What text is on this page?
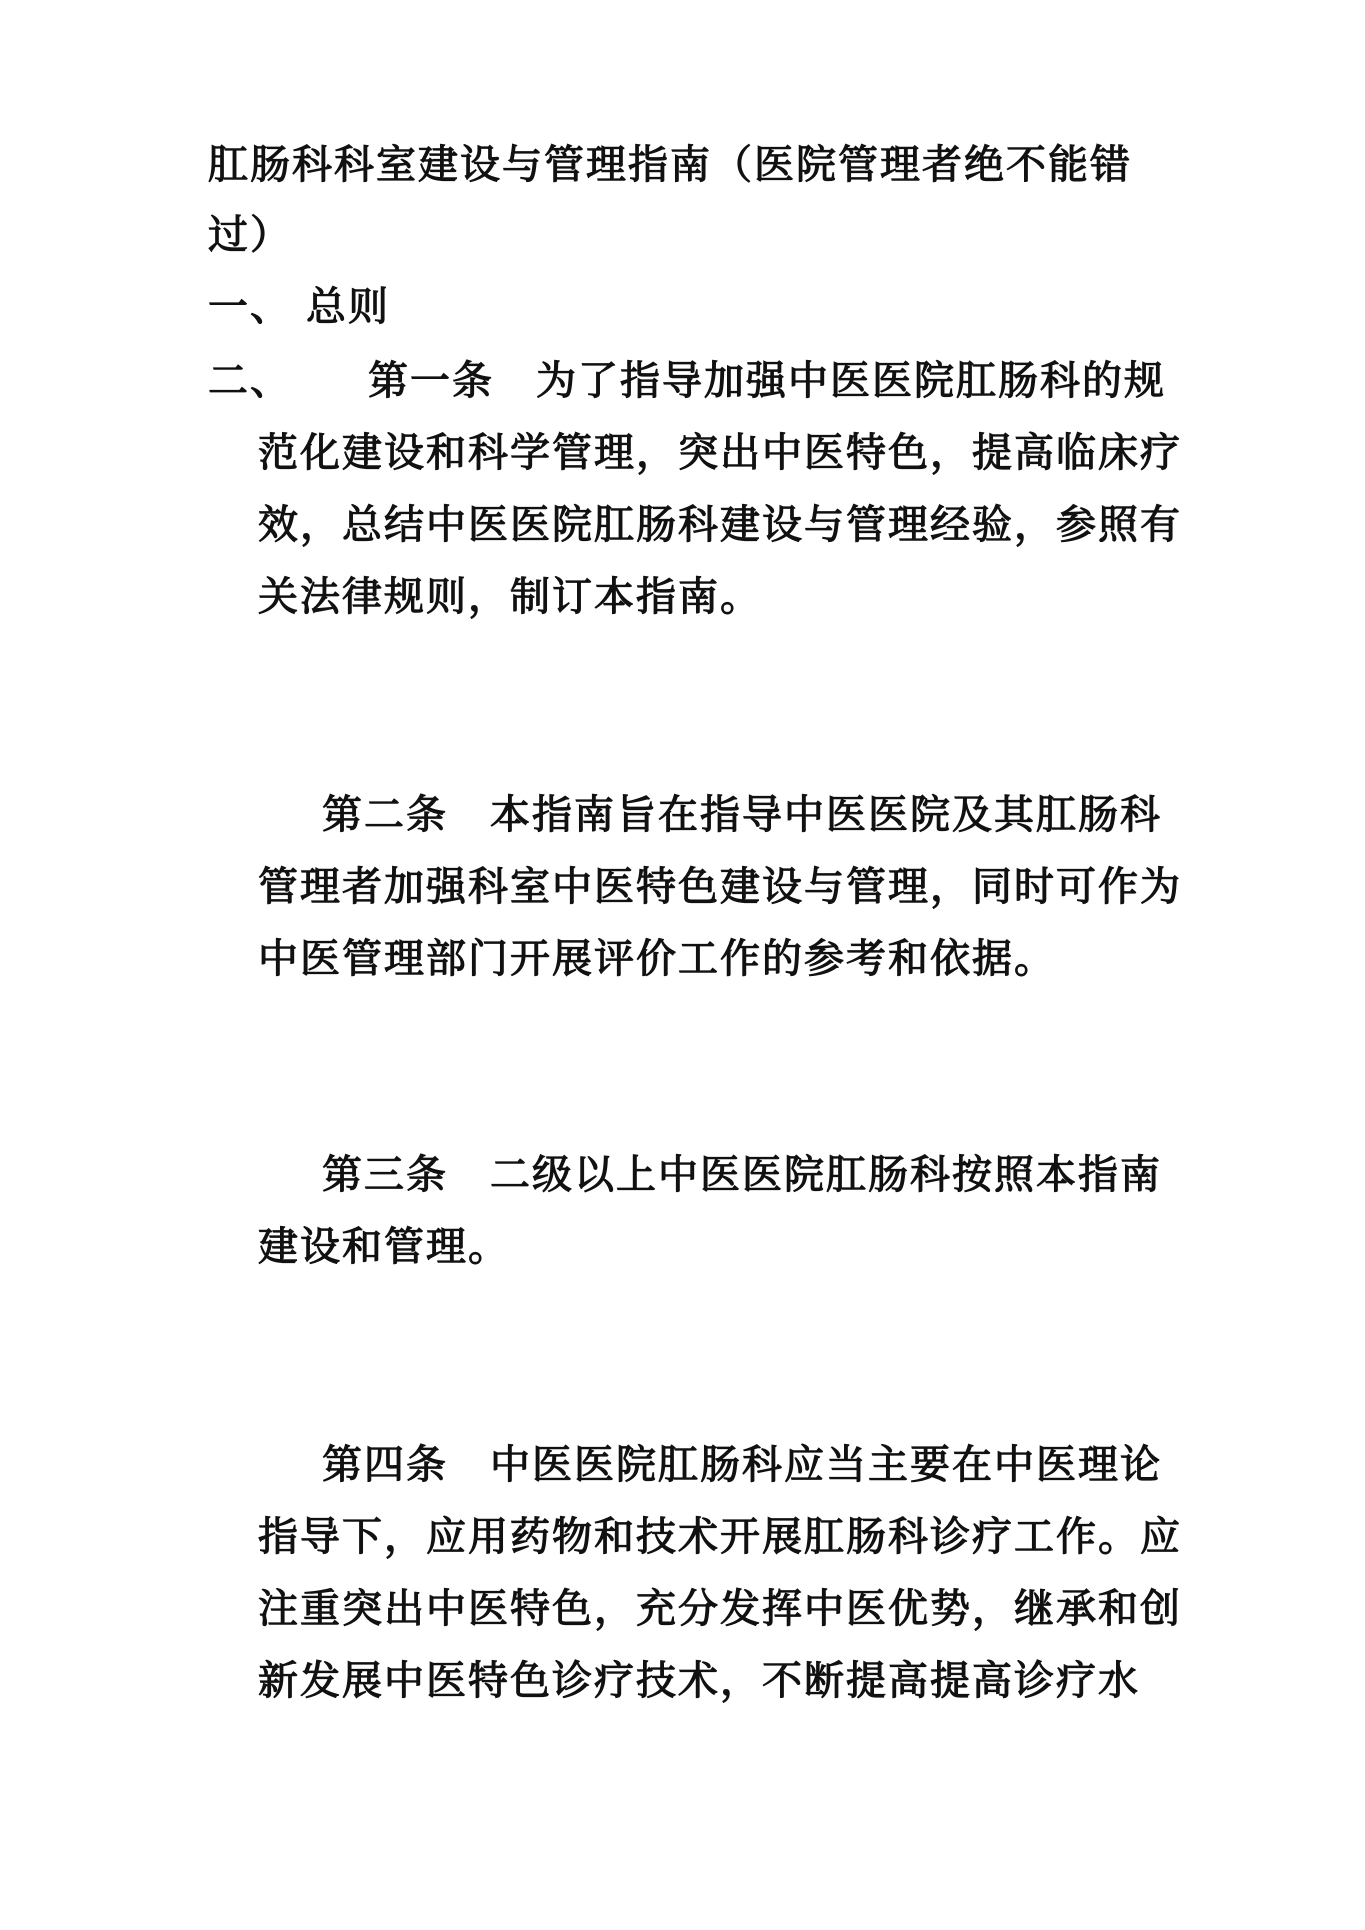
肛肠科科室建设与管理指南（医院管理者绝不能错
过）
一、 总则
二、 第一条　为了指导加强中医医院肛肠科的规
范化建设和科学管理，突出中医特色，提高临床疗
效，总结中医医院肛肠科建设与管理经验，参照有
关法律规则，制订本指南。
第二条　本指南旨在指导中医医院及其肛肠科
管理者加强科室中医特色建设与管理，同时可作为
中医管理部门开展评价工作的参考和依据。
第三条　二级以上中医医院肛肠科按照本指南
建设和管理。
第四条　中医医院肛肠科应当主要在中医理论
指导下，应用药物和技术开展肛肠科诊疗工作。应
注重突出中医特色，充分发挥中医优势，继承和创
新发展中医特色诊疗技术，不断提高提高诊疗水
